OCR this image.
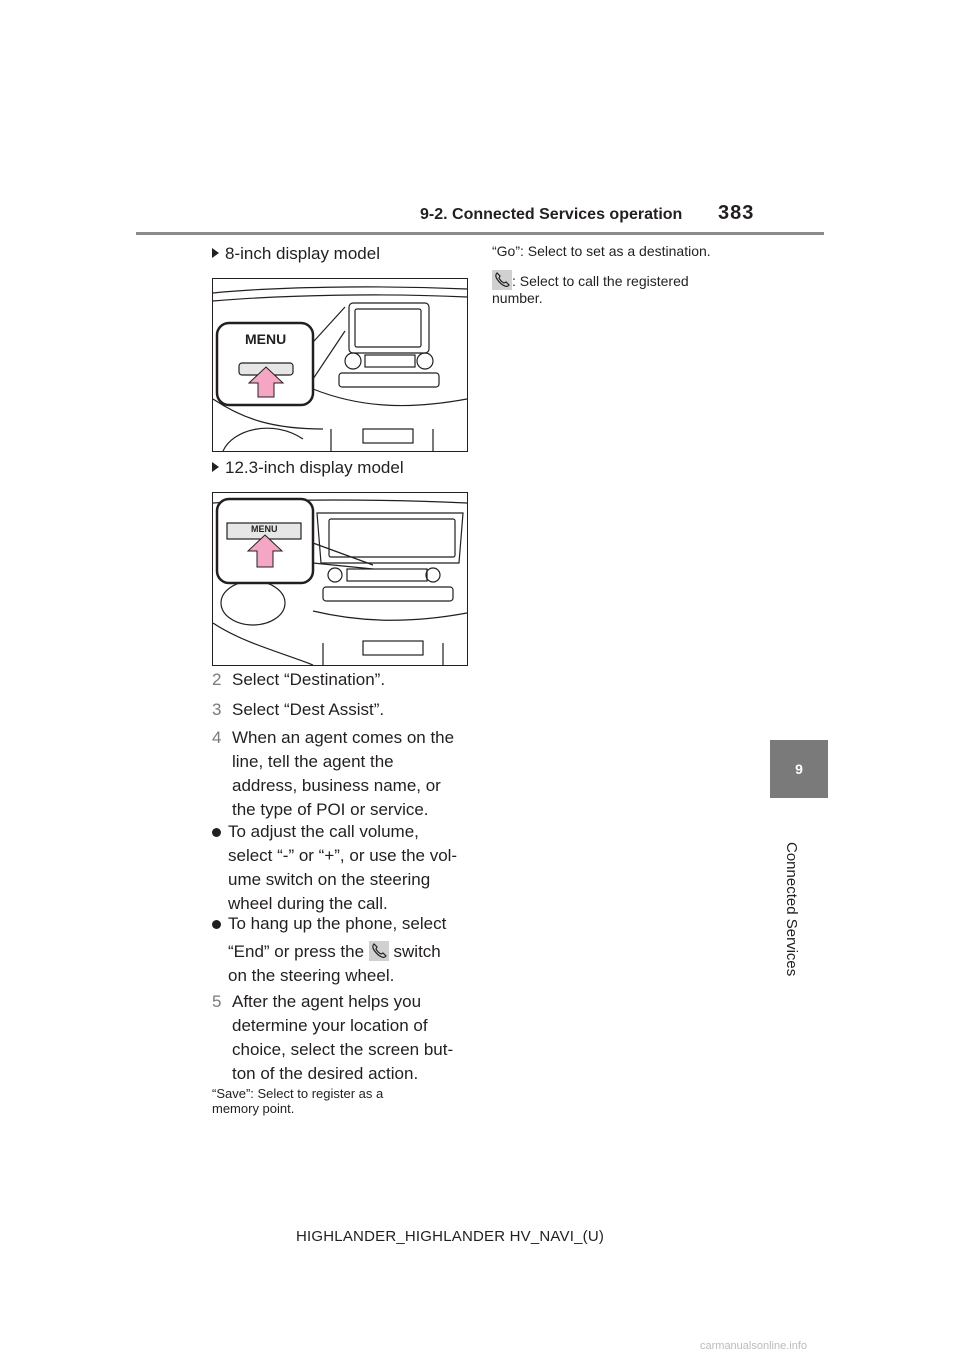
9-2. Connected Services operation 383
9
Connected Services
8-inch display model
MENU
12.3-inch display model
MENU
2 Select “Destination”.
3 Select “Dest Assist”.
4 When an agent comes on the
line, tell the agent the
address, business name, or
the type of POI or service.
To adjust the call volume,
select “-” or “+”, or use the vol-
ume switch on the steering
wheel during the call.
To hang up the phone, select
“End” or press the switch
on the steering wheel.
5 After the agent helps you
determine your location of
choice, select the screen but-
ton of the desired action.
“Save”: Select to register as a
memory point.
“Go”: Select to set as a destination.
: Select to call the registered
number.
HIGHLANDER_HIGHLANDER HV_NAVI_(U)
carmanualsonline.info
